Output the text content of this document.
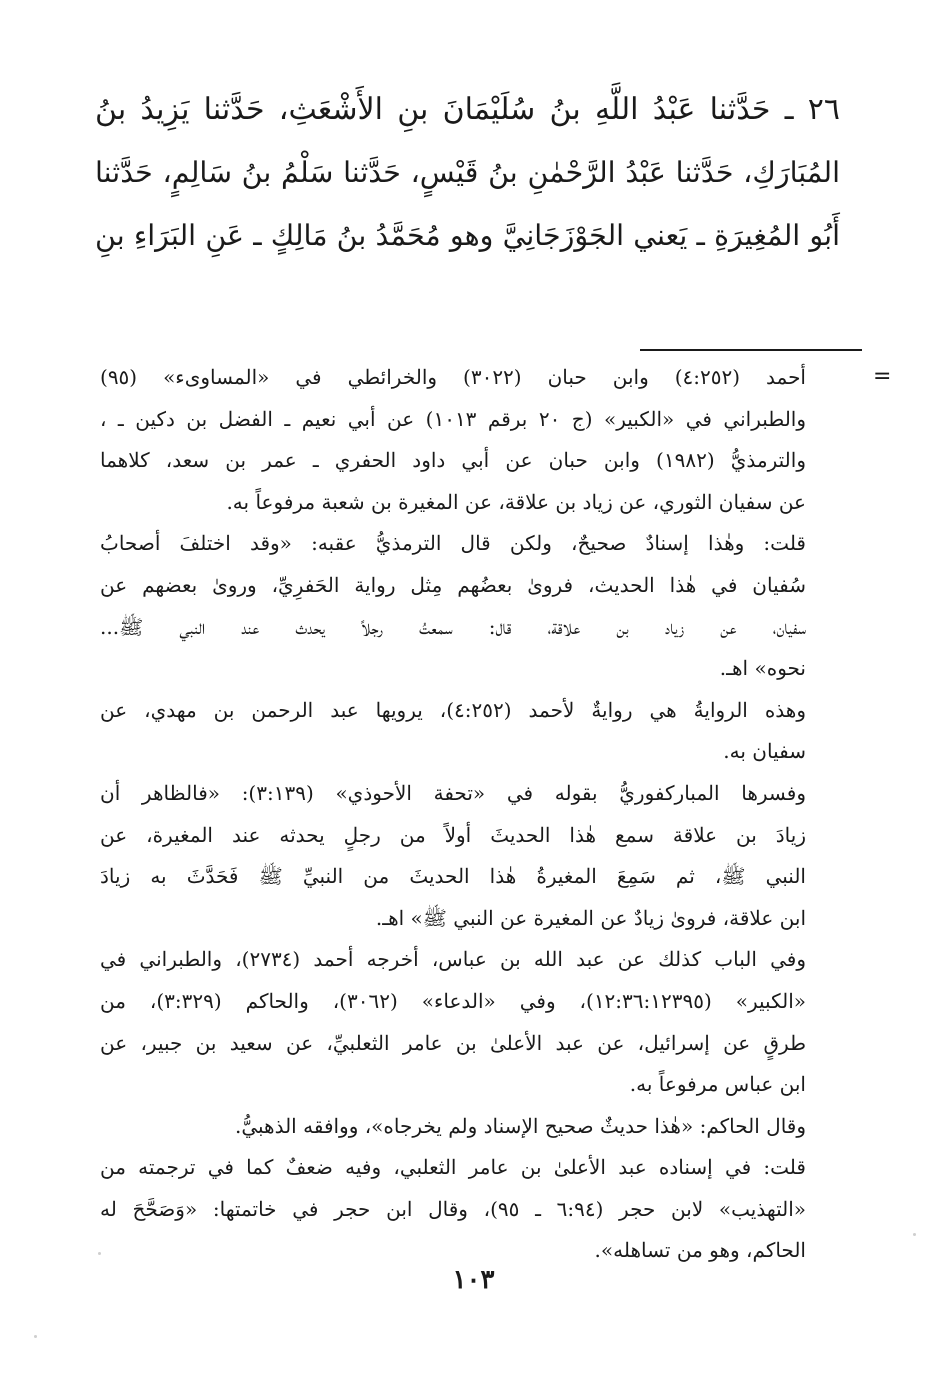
٢٦ ـ حَدَّثنا عَبْدُ اللَّهِ بنُ سُلَيْمَانَ بنِ الأَشْعَثِ، حَدَّثنا يَزِيدُ بنُ
المُبَارَكِ، حَدَّثنا عَبْدُ الرَّحْمٰنِ بنُ قَيْسٍ، حَدَّثنا سَلْمُ بنُ سَالِمٍ، حَدَّثنا
أَبُو المُغِيرَةِ ـ يَعني الجَوْزَجَانِيَّ وهو مُحَمَّدُ بنُ مَالِكٍ ـ عَنِ البَرَاءِ بنِ
=
أحمد (٤:٢٥٢) وابن حبان (٣٠٢٢) والخرائطي في «المساوىء» (٩٥)
والطبراني في «الكبير» (ج ٢٠ برقم ١٠١٣) عن أبي نعيم ـ الفضل بن دكين ـ ،
والترمذيُّ (١٩٨٢) وابن حبان عن أبي داود الحفري ـ عمر بن سعد، كلاهما
عن سفيان الثوري، عن زياد بن علاقة، عن المغيرة بن شعبة مرفوعاً به.
قلت: وهٰذا إسنادٌ صحيحٌ، ولكن قال الترمذيُّ عقبه: «وقد اختلفَ أصحابُ
سُفيان في هٰذا الحديث، فروىٰ بعضُهم مِثل رواية الحَفرِيِّ، وروىٰ بعضهم عن
سفيان، عن زياد بن علاقة، قال: سمعتُ رجلاً يحدث عند النبي ﷺ...
نحوه» اهـ.
وهذه الروايةُ هي روايةٌ لأحمد (٤:٢٥٢)، يرويها عبد الرحمن بن مهدي، عن
سفيان به.
وفسرها المباركفوريُّ بقوله في «تحفة الأحوذي» (٣:١٣٩): «فالظاهر أن
زيادَ بن علاقة سمع هٰذا الحديثَ أولاً من رجلٍ يحدثه عند المغيرة، عن
النبي ﷺ، ثم سَمِعَ المغيرةُ هٰذا الحديثَ من النبيِّ ﷺ فَحَدَّثَ به زيادَ
ابن علاقة، فروىٰ زيادٌ عن المغيرة عن النبي ﷺ» اهـ.
وفي الباب كذلك عن عبد الله بن عباس، أخرجه أحمد (٢٧٣٤)، والطبراني في
«الكبير» (١٢:٣٦:١٢٣٩٥)، وفي «الدعاء» (٣٠٦٢)، والحاكم (٣:٣٢٩)، من
طرقٍ عن إسرائيل، عن عبد الأعلىٰ بن عامر الثعلبيِّ، عن سعيد بن جبير، عن
ابن عباس مرفوعاً به.
وقال الحاكم: «هٰذا حديثٌ صحيح الإسناد ولم يخرجاه»، ووافقه الذهبيُّ.
قلت: في إسناده عبد الأعلىٰ بن عامر الثعلبي، وفيه ضعفٌ كما في ترجمته من
«التهذيب» لابن حجر (٦:٩٤ ـ ٩٥)، وقال ابن حجر في خاتمتها: «وَصَحَّحَ له
الحاكم، وهو من تساهله».
١٠٣
